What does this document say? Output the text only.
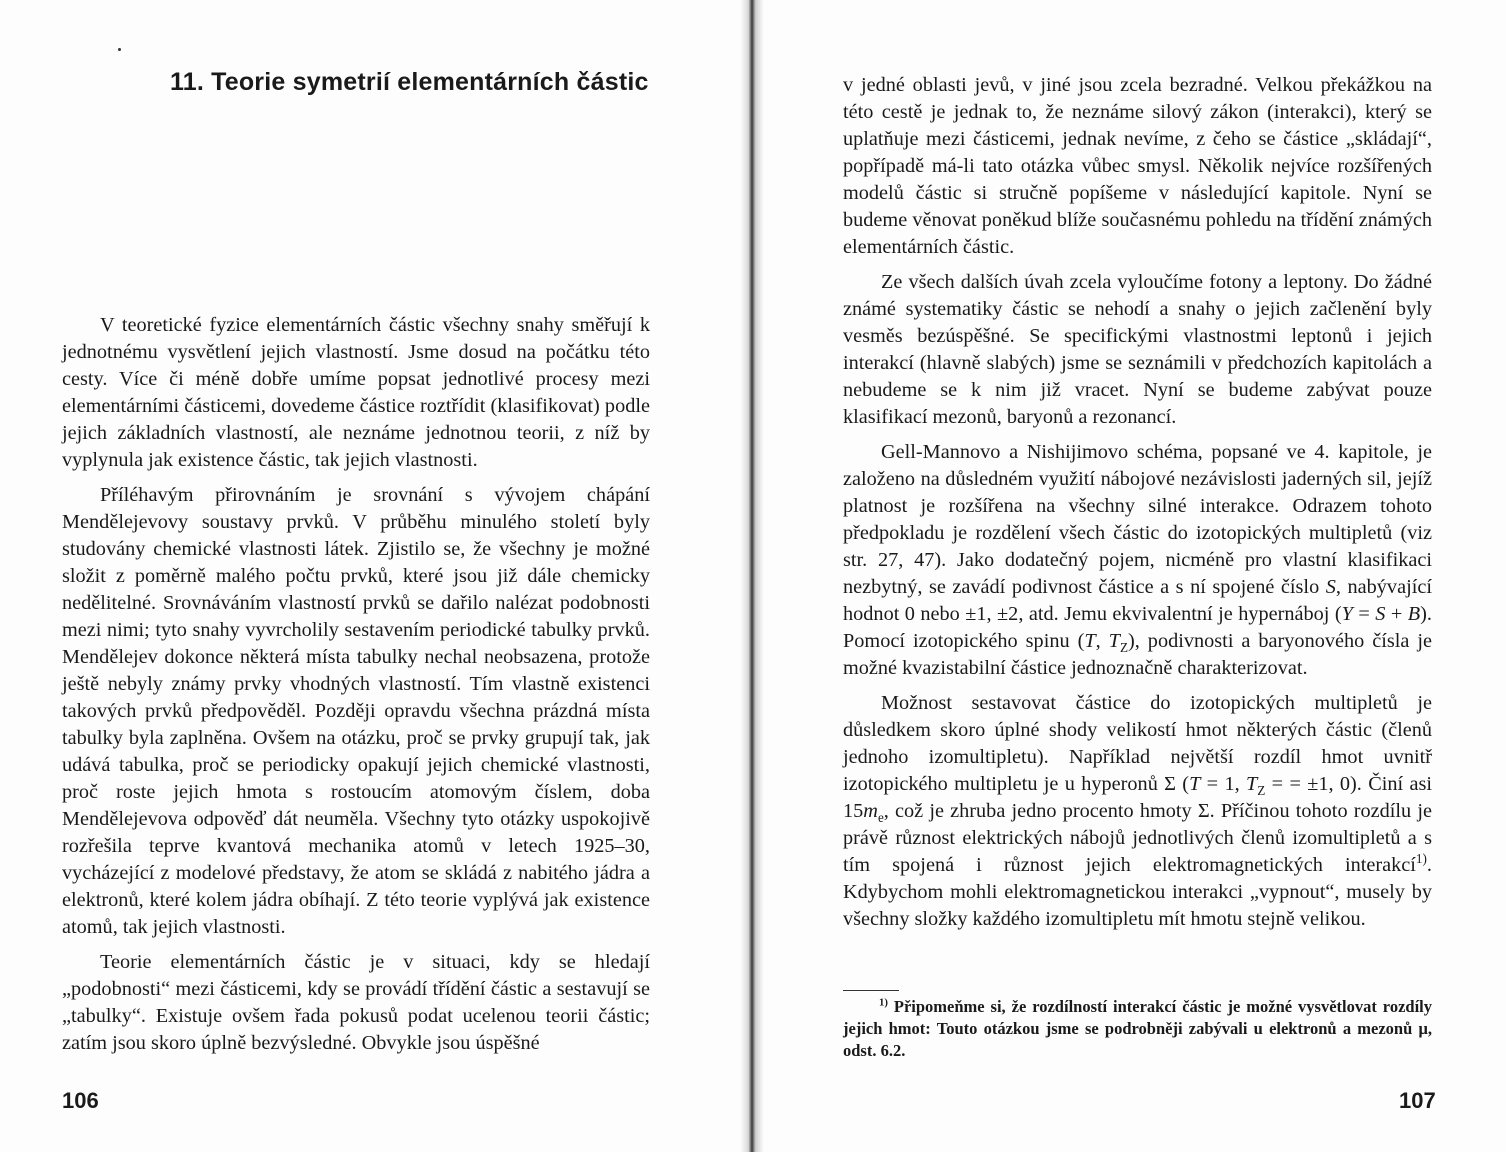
11. Teorie symetrií elementárních částic

V teoretické fyzice elementárních částic všechny snahy směřují k jednotnému vysvětlení jejich vlastností. Jsme dosud na počátku této cesty. Více či méně dobře umíme popsat jednotlivé procesy mezi elementárními částicemi, dovedeme částice roztřídit (klasifikovat) podle jejich základních vlastností, ale neznáme jednotnou teorii, z níž by vyplynula jak existence částic, tak jejich vlastnosti.

Příléhavým přirovnáním je srovnání s vývojem chápání Mendělejevovy soustavy prvků. V průběhu minulého století byly studovány chemické vlastnosti látek. Zjistilo se, že všechny je možné složit z poměrně malého počtu prvků, které jsou již dále chemicky nedělitelné. Srovnáváním vlastností prvků se dařilo nalézat podobnosti mezi nimi; tyto snahy vyvrcholily sestavením periodické tabulky prvků. Mendělejev dokonce některá místa tabulky nechal neobsazena, protože ještě nebyly známy prvky vhodných vlastností. Tím vlastně existenci takových prvků předpověděl. Později opravdu všechna prázdná místa tabulky byla zaplněna. Ovšem na otázku, proč se prvky grupují tak, jak udává tabulka, proč se periodicky opakují jejich chemické vlastnosti, proč roste jejich hmota s rostoucím atomovým číslem, doba Mendělejevova odpověď dát neuměla. Všechny tyto otázky uspokojivě rozřešila teprve kvantová mechanika atomů v letech 1925–30, vycházející z modelové představy, že atom se skládá z nabitého jádra a elektronů, které kolem jádra obíhají. Z této teorie vyplývá jak existence atomů, tak jejich vlastnosti.

Teorie elementárních částic je v situaci, kdy se hledají „podobnosti“ mezi částicemi, kdy se provádí třídění částic a sestavují se „tabulky“. Existuje ovšem řada pokusů podat ucelenou teorii částic; zatím jsou skoro úplně bezvýsledné. Obvykle jsou úspěšné

106

v jedné oblasti jevů, v jiné jsou zcela bezradné. Velkou překážkou na této cestě je jednak to, že neznáme silový zákon (interakci), který se uplatňuje mezi částicemi, jednak nevíme, z čeho se částice „skládají“, popřípadě má-li tato otázka vůbec smysl. Několik nejvíce rozšířených modelů částic si stručně popíšeme v následující kapitole. Nyní se budeme věnovat poněkud blíže současnému pohledu na třídění známých elementárních částic.

Ze všech dalších úvah zcela vyloučíme fotony a leptony. Do žádné známé systematiky částic se nehodí a snahy o jejich začlenění byly vesměs bezúspěšné. Se specifickými vlastnostmi leptonů i jejich interakcí (hlavně slabých) jsme se seznámili v předchozích kapitolách a nebudeme se k nim již vracet. Nyní se budeme zabývat pouze klasifikací mezonů, baryonů a rezonancí.

Gell-Mannovo a Nishijimovo schéma, popsané ve 4. kapitole, je založeno na důsledném využití nábojové nezávislosti jaderných sil, jejíž platnost je rozšířena na všechny silné interakce. Odrazem tohoto předpokladu je rozdělení všech částic do izotopických multipletů (viz str. 27, 47). Jako dodatečný pojem, nicméně pro vlastní klasifikaci nezbytný, se zavádí podivnost částice a s ní spojené číslo S, nabývající hodnot 0 nebo ±1, ±2, atd. Jemu ekvivalentní je hypernáboj (Y = S + B). Pomocí izotopického spinu (T, $T_Z$), podivnosti a baryonového čísla je možné kvazistabilní částice jednoznačně charakterizovat.

Možnost sestavovat částice do izotopických multipletů je důsledkem skoro úplné shody velikostí hmot některých částic (členů jednoho izomultipletu). Například největší rozdíl hmot uvnitř izotopického multipletu je u hyperonů Σ (T = 1, $T_Z$ = = ±1, 0). Činí asi $15m_e$, což je zhruba jedno procento hmoty Σ. Příčinou tohoto rozdílu je právě různost elektrických nábojů jednotlivých členů izomultipletů a s tím spojená i různost jejich elektromagnetických interakcí$^{1)}$. Kdybychom mohli elektromagnetickou interakci „vypnout“, musely by všechny složky každého izomultipletu mít hmotu stejně velikou.

$^{1)}$ Připomeňme si, že rozdílností interakcí částic je možné vysvětlovat rozdíly jejich hmot: Touto otázkou jsme se podrobněji zabývali u elektronů a mezonů μ, odst. 6.2.

107
